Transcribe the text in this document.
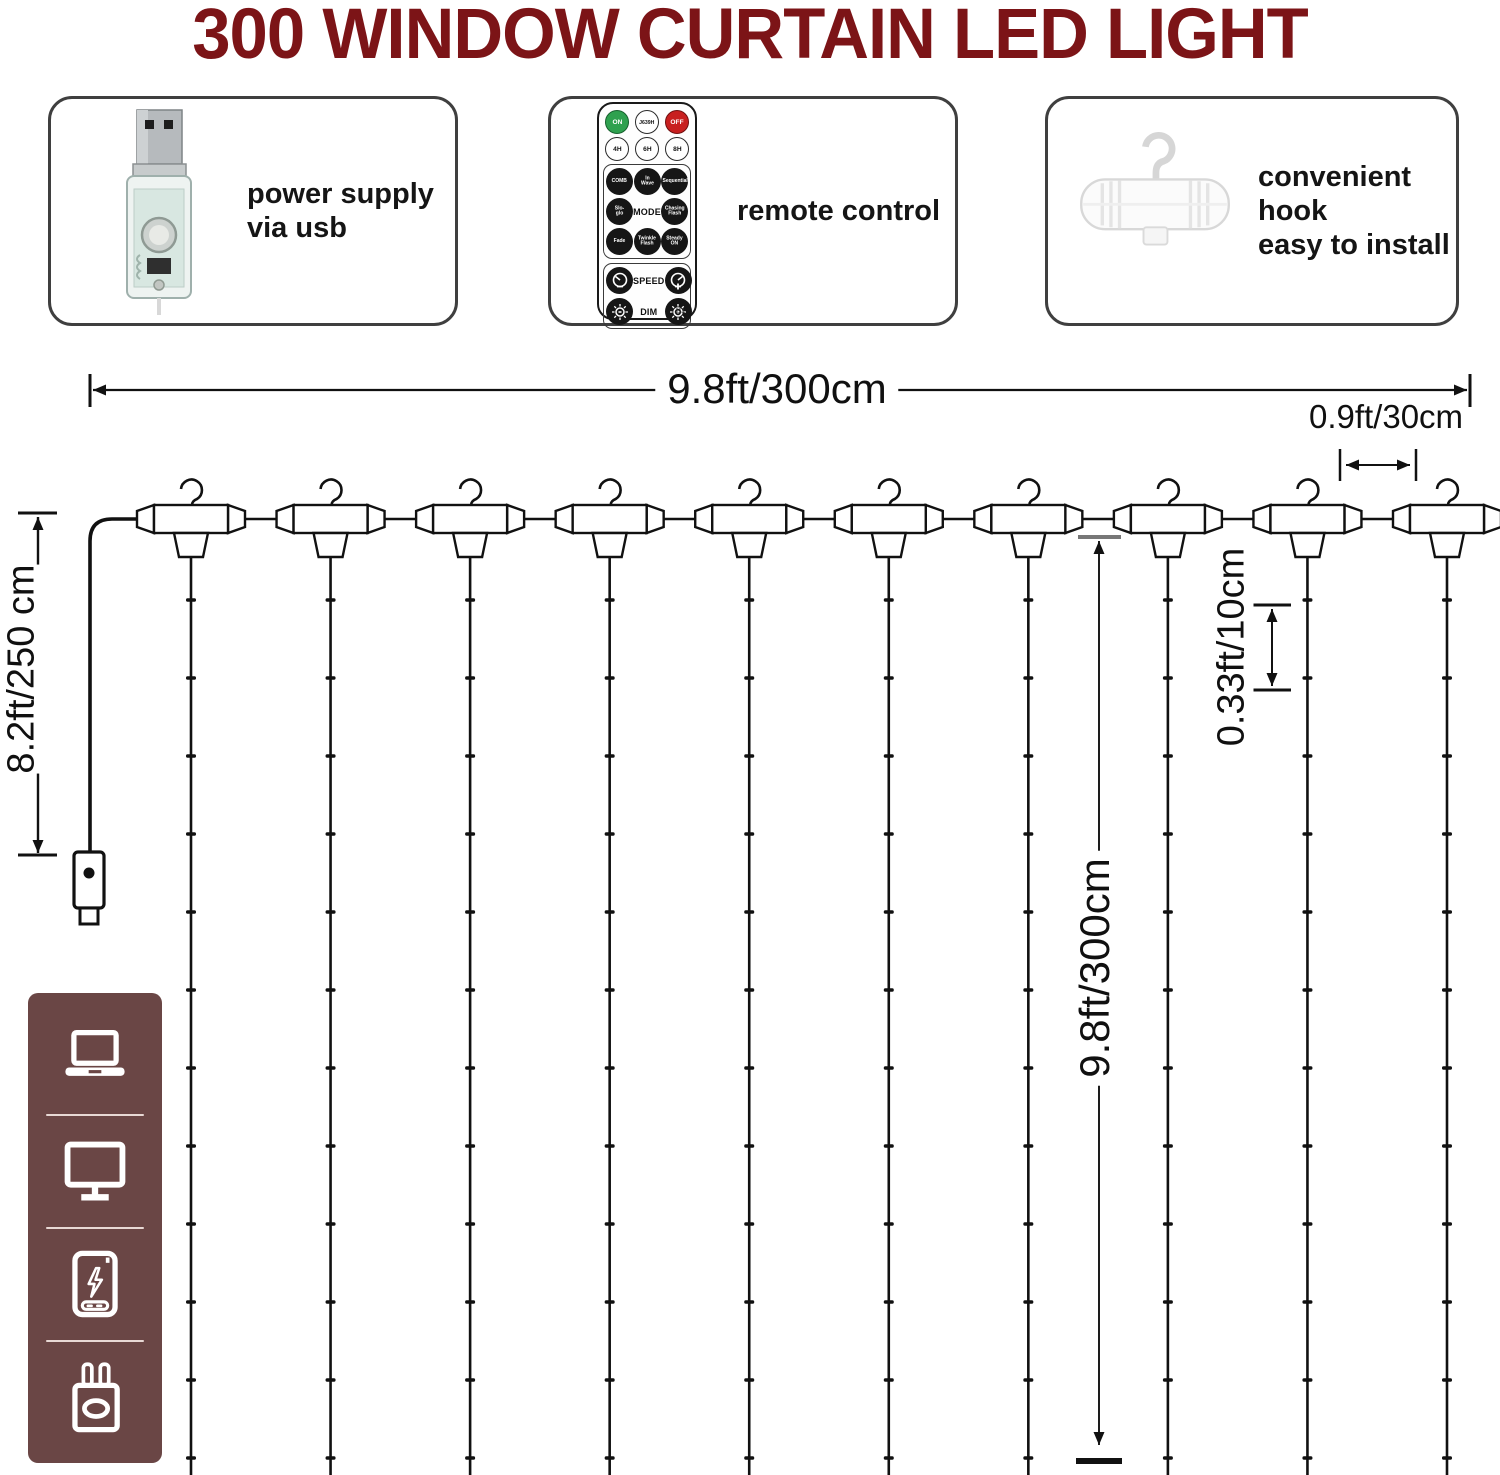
300 WINDOW CURTAIN LED LIGHT
power supply via usb
ON J639H OFF
4H 6H 8H
COMB	In Wave Sequential
Slo-glo	MODE Chasing Flash
Fade Twinkle Flash
Steady ON
SPEED
DIM 111
remote control
convenient hook
easy to install
9.8ft/300cm
0.9ft/30cm
8.2ft/250 cm
9.8ft/300cm
0.33ft/10cm
